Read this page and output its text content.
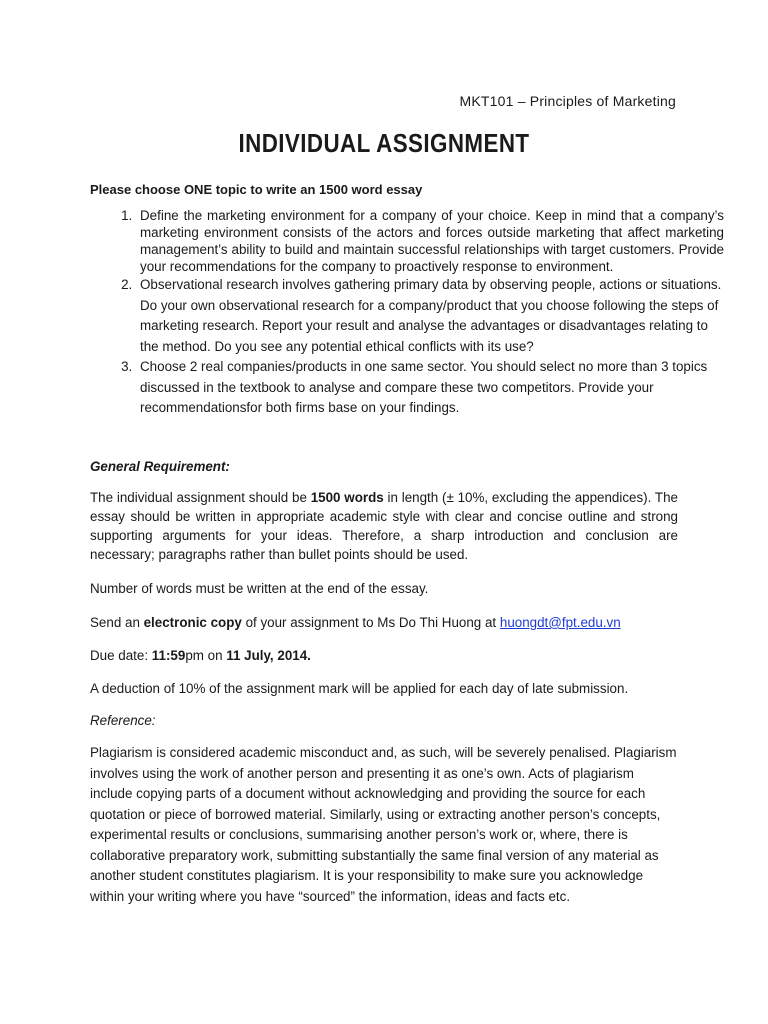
MKT101 – Principles of Marketing
INDIVIDUAL ASSIGNMENT
Please choose ONE topic to write an 1500 word essay
1. Define the marketing environment for a company of your choice. Keep in mind that a company’s marketing environment consists of the actors and forces outside marketing that affect marketing management’s ability to build and maintain successful relationships with target customers. Provide your recommendations for the company to proactively response to environment.
2. Observational research involves gathering primary data by observing people, actions or situations. Do your own observational research for a company/product that you choose following the steps of marketing research. Report your result and analyse the advantages or disadvantages relating to the method. Do you see any potential ethical conflicts with its use?
3. Choose 2 real companies/products in one same sector. You should select no more than 3 topics discussed in the textbook to analyse and compare these two competitors. Provide your recommendationsfor both firms base on your findings.
General Requirement:
The individual assignment should be 1500 words in length (± 10%, excluding the appendices). The essay should be written in appropriate academic style with clear and concise outline and strong supporting arguments for your ideas. Therefore, a sharp introduction and conclusion are necessary; paragraphs rather than bullet points should be used.
Number of words must be written at the end of the essay.
Send an electronic copy of your assignment to Ms Do Thi Huong at huongdt@fpt.edu.vn
Due date: 11:59pm on 11 July, 2014.
A deduction of 10% of the assignment mark will be applied for each day of late submission.
Reference:
Plagiarism is considered academic misconduct and, as such, will be severely penalised. Plagiarism involves using the work of another person and presenting it as one’s own. Acts of plagiarism include copying parts of a document without acknowledging and providing the source for each quotation or piece of borrowed material. Similarly, using or extracting another person’s concepts, experimental results or conclusions, summarising another person’s work or, where, there is collaborative preparatory work, submitting substantially the same final version of any material as another student constitutes plagiarism. It is your responsibility to make sure you acknowledge within your writing where you have “sourced” the information, ideas and facts etc.
